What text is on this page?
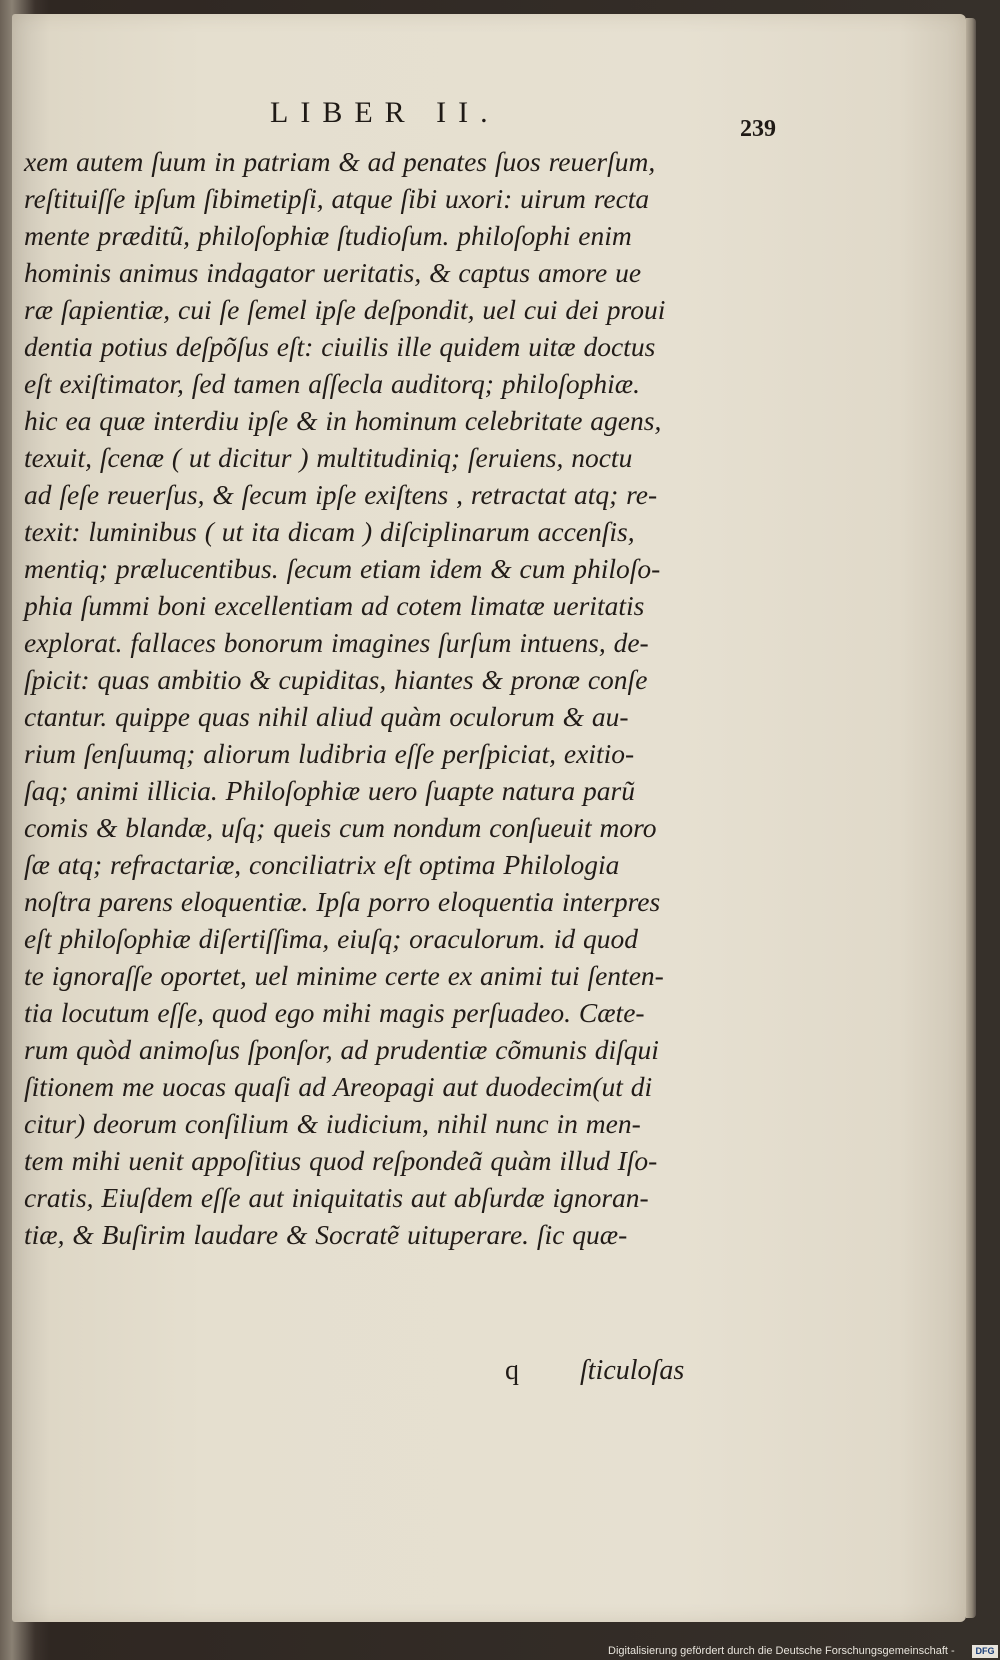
LIBER II.	239
xem autem ſuum in patriam & ad penates ſuos reuerſum,
reſtituiſſe ipſum ſibimetipſi, atque ſibi uxori: uirum recta
mente præditũ, philoſophiæ ſtudioſum. philoſophi enim
hominis animus indagator ueritatis, & captus amore ue
ræ ſapientiæ, cui ſe ſemel ipſe deſpondit, uel cui dei proui
dentia potius deſpõſus eſt: ciuilis ille quidem uitæ doctus
eſt exiſtimator, ſed tamen aſſecla auditorq; philoſophiæ.
hic ea quæ interdiu ipſe & in hominum celebritate agens,
texuit, ſcenæ ( ut dicitur ) multitudiniq; ſeruiens, noctu
ad ſeſe reuerſus, & ſecum ipſe exiſtens , retractat atq; re-
texit: luminibus ( ut ita dicam ) diſciplinarum accenſis,
mentiq; prælucentibus. ſecum etiam idem & cum philoſo-
phia ſummi boni excellentiam ad cotem limatæ ueritatis
explorat. fallaces bonorum imagines ſurſum intuens, de-
ſpicit: quas ambitio & cupiditas, hiantes & pronæ conſe
ctantur. quippe quas nihil aliud quàm oculorum & au-
rium ſenſuumq; aliorum ludibria eſſe perſpiciat, exitio-
ſaq; animi illicia. Philoſophiæ uero ſuapte natura parũ
comis & blandæ, uſq; queis cum nondum conſueuit moro
ſæ atq; refractariæ, conciliatrix eſt optima Philologia
noſtra parens eloquentiæ. Ipſa porro eloquentia interpres
eſt philoſophiæ diſertiſſima, eiuſq; oraculorum. id quod
te ignoraſſe oportet, uel minime certe ex animi tui ſenten-
tia locutum eſſe, quod ego mihi magis perſuadeo. Cæte-
rum quòd animoſus ſponſor, ad prudentiæ cõmunis diſqui
ſitionem me uocas quaſi ad Areopagi aut duodecim(ut di
citur) deorum conſilium & iudicium, nihil nunc in men-
tem mihi uenit appoſitius quod reſpondeã quàm illud Iſo-
cratis, Eiuſdem eſſe aut iniquitatis aut abſurdæ ignoran-
tiæ, & Buſirim laudare & Socratẽ uituperare. ſic quæ-
q ſticuloſas
Digitalisierung gefördert durch die Deutsche Forschungsgemeinschaft -	DFG
